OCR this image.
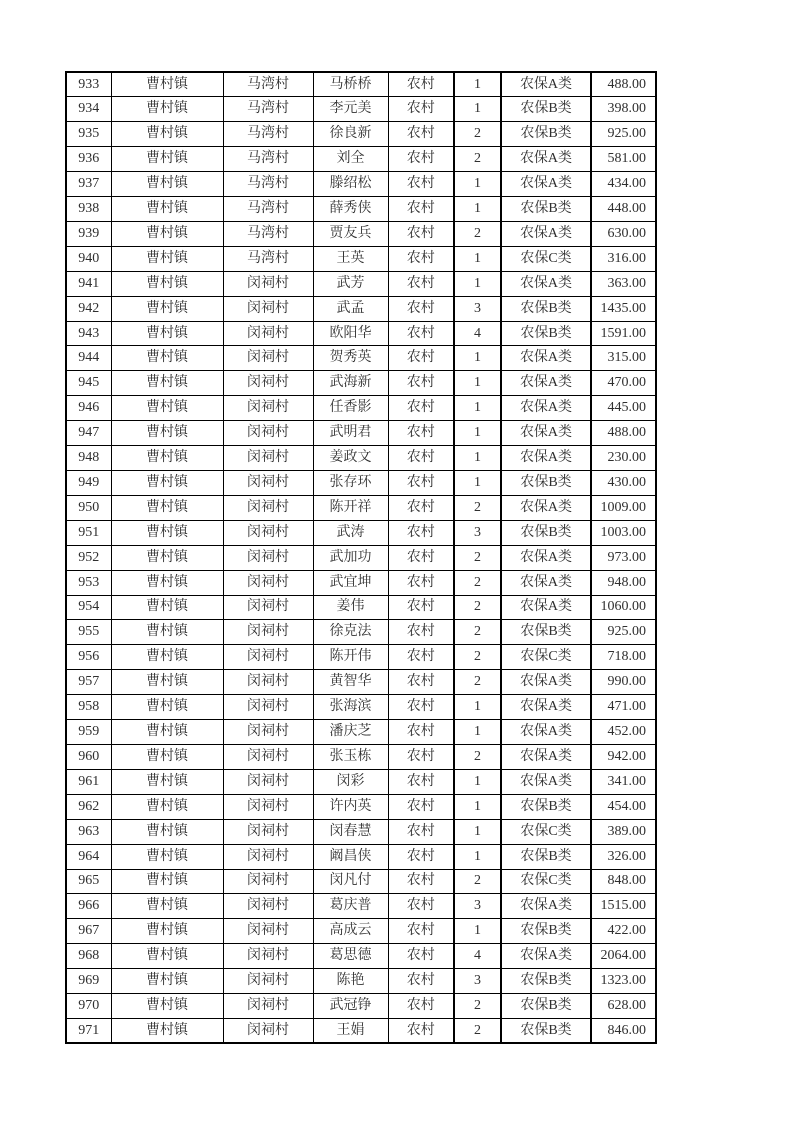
933	曹村镇	马湾村	马桥桥	农村	1	农保A类	488.00
934	曹村镇	马湾村	李元美	农村	1	农保B类	398.00
935	曹村镇	马湾村	徐良新	农村	2	农保B类	925.00
936	曹村镇	马湾村	刘全	农村	2	农保A类	581.00
937	曹村镇	马湾村	滕绍松	农村	1	农保A类	434.00
938	曹村镇	马湾村	薛秀侠	农村	1	农保B类	448.00
939	曹村镇	马湾村	贾友兵	农村	2	农保A类	630.00
940	曹村镇	马湾村	王英	农村	1	农保C类	316.00
941	曹村镇	闵祠村	武芳	农村	1	农保A类	363.00
942	曹村镇	闵祠村	武孟	农村	3	农保B类	1435.00
943	曹村镇	闵祠村	欧阳华	农村	4	农保B类	1591.00
944	曹村镇	闵祠村	贺秀英	农村	1	农保A类	315.00
945	曹村镇	闵祠村	武海新	农村	1	农保A类	470.00
946	曹村镇	闵祠村	任香影	农村	1	农保A类	445.00
947	曹村镇	闵祠村	武明君	农村	1	农保A类	488.00
948	曹村镇	闵祠村	姜政文	农村	1	农保A类	230.00
949	曹村镇	闵祠村	张存环	农村	1	农保B类	430.00
950	曹村镇	闵祠村	陈开祥	农村	2	农保A类	1009.00
951	曹村镇	闵祠村	武涛	农村	3	农保B类	1003.00
952	曹村镇	闵祠村	武加功	农村	2	农保A类	973.00
953	曹村镇	闵祠村	武宜坤	农村	2	农保A类	948.00
954	曹村镇	闵祠村	姜伟	农村	2	农保A类	1060.00
955	曹村镇	闵祠村	徐克法	农村	2	农保B类	925.00
956	曹村镇	闵祠村	陈开伟	农村	2	农保C类	718.00
957	曹村镇	闵祠村	黄智华	农村	2	农保A类	990.00
958	曹村镇	闵祠村	张海滨	农村	1	农保A类	471.00
959	曹村镇	闵祠村	潘庆芝	农村	1	农保A类	452.00
960	曹村镇	闵祠村	张玉栋	农村	2	农保A类	942.00
961	曹村镇	闵祠村	闵彩	农村	1	农保A类	341.00
962	曹村镇	闵祠村	许内英	农村	1	农保B类	454.00
963	曹村镇	闵祠村	闵春慧	农村	1	农保C类	389.00
964	曹村镇	闵祠村	阚昌侠	农村	1	农保B类	326.00
965	曹村镇	闵祠村	闵凡付	农村	2	农保C类	848.00
966	曹村镇	闵祠村	葛庆普	农村	3	农保A类	1515.00
967	曹村镇	闵祠村	高成云	农村	1	农保B类	422.00
968	曹村镇	闵祠村	葛思德	农村	4	农保A类	2064.00
969	曹村镇	闵祠村	陈艳	农村	3	农保B类	1323.00
970	曹村镇	闵祠村	武冠铮	农村	2	农保B类	628.00
971	曹村镇	闵祠村	王娟	农村	2	农保B类	846.00
